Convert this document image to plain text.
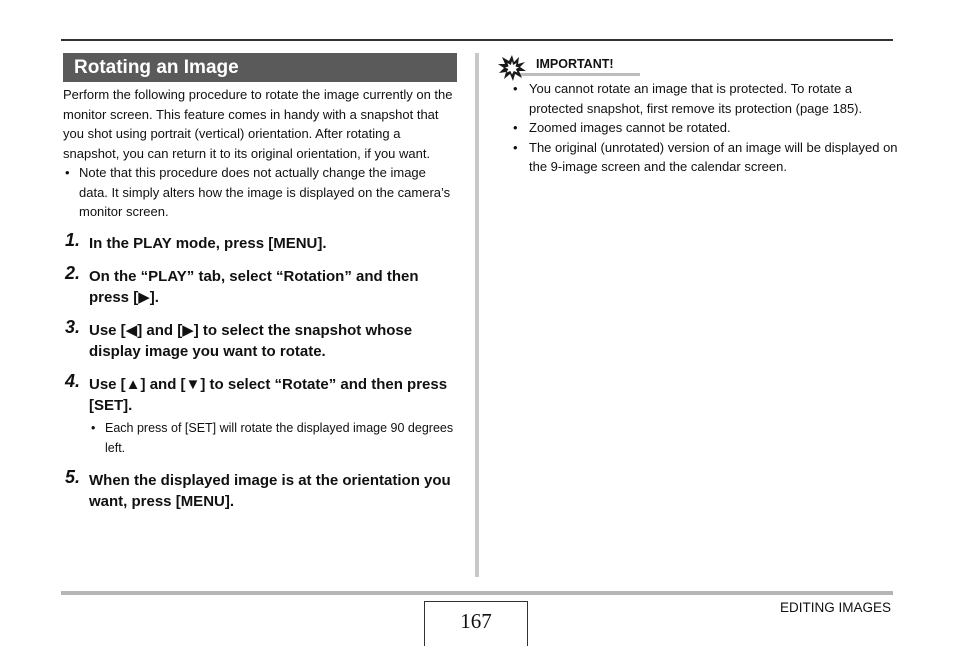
Rotating an Image
Perform the following procedure to rotate the image currently on the monitor screen. This feature comes in handy with a snapshot that you shot using portrait (vertical) orientation. After rotating a snapshot, you can return it to its original orientation, if you want.
• Note that this procedure does not actually change the image data. It simply alters how the image is displayed on the camera’s monitor screen.
1. In the PLAY mode, press [MENU].
2. On the “PLAY” tab, select “Rotation” and then press [▶].
3. Use [◀] and [▶] to select the snapshot whose display image you want to rotate.
4. Use [▲] and [▼] to select “Rotate” and then press [SET].
• Each press of [SET] will rotate the displayed image 90 degrees left.
5. When the displayed image is at the orientation you want, press [MENU].
IMPORTANT!
• You cannot rotate an image that is protected. To rotate a protected snapshot, first remove its protection (page 185).
• Zoomed images cannot be rotated.
• The original (unrotated) version of an image will be displayed on the 9-image screen and the calendar screen.
167
EDITING IMAGES
